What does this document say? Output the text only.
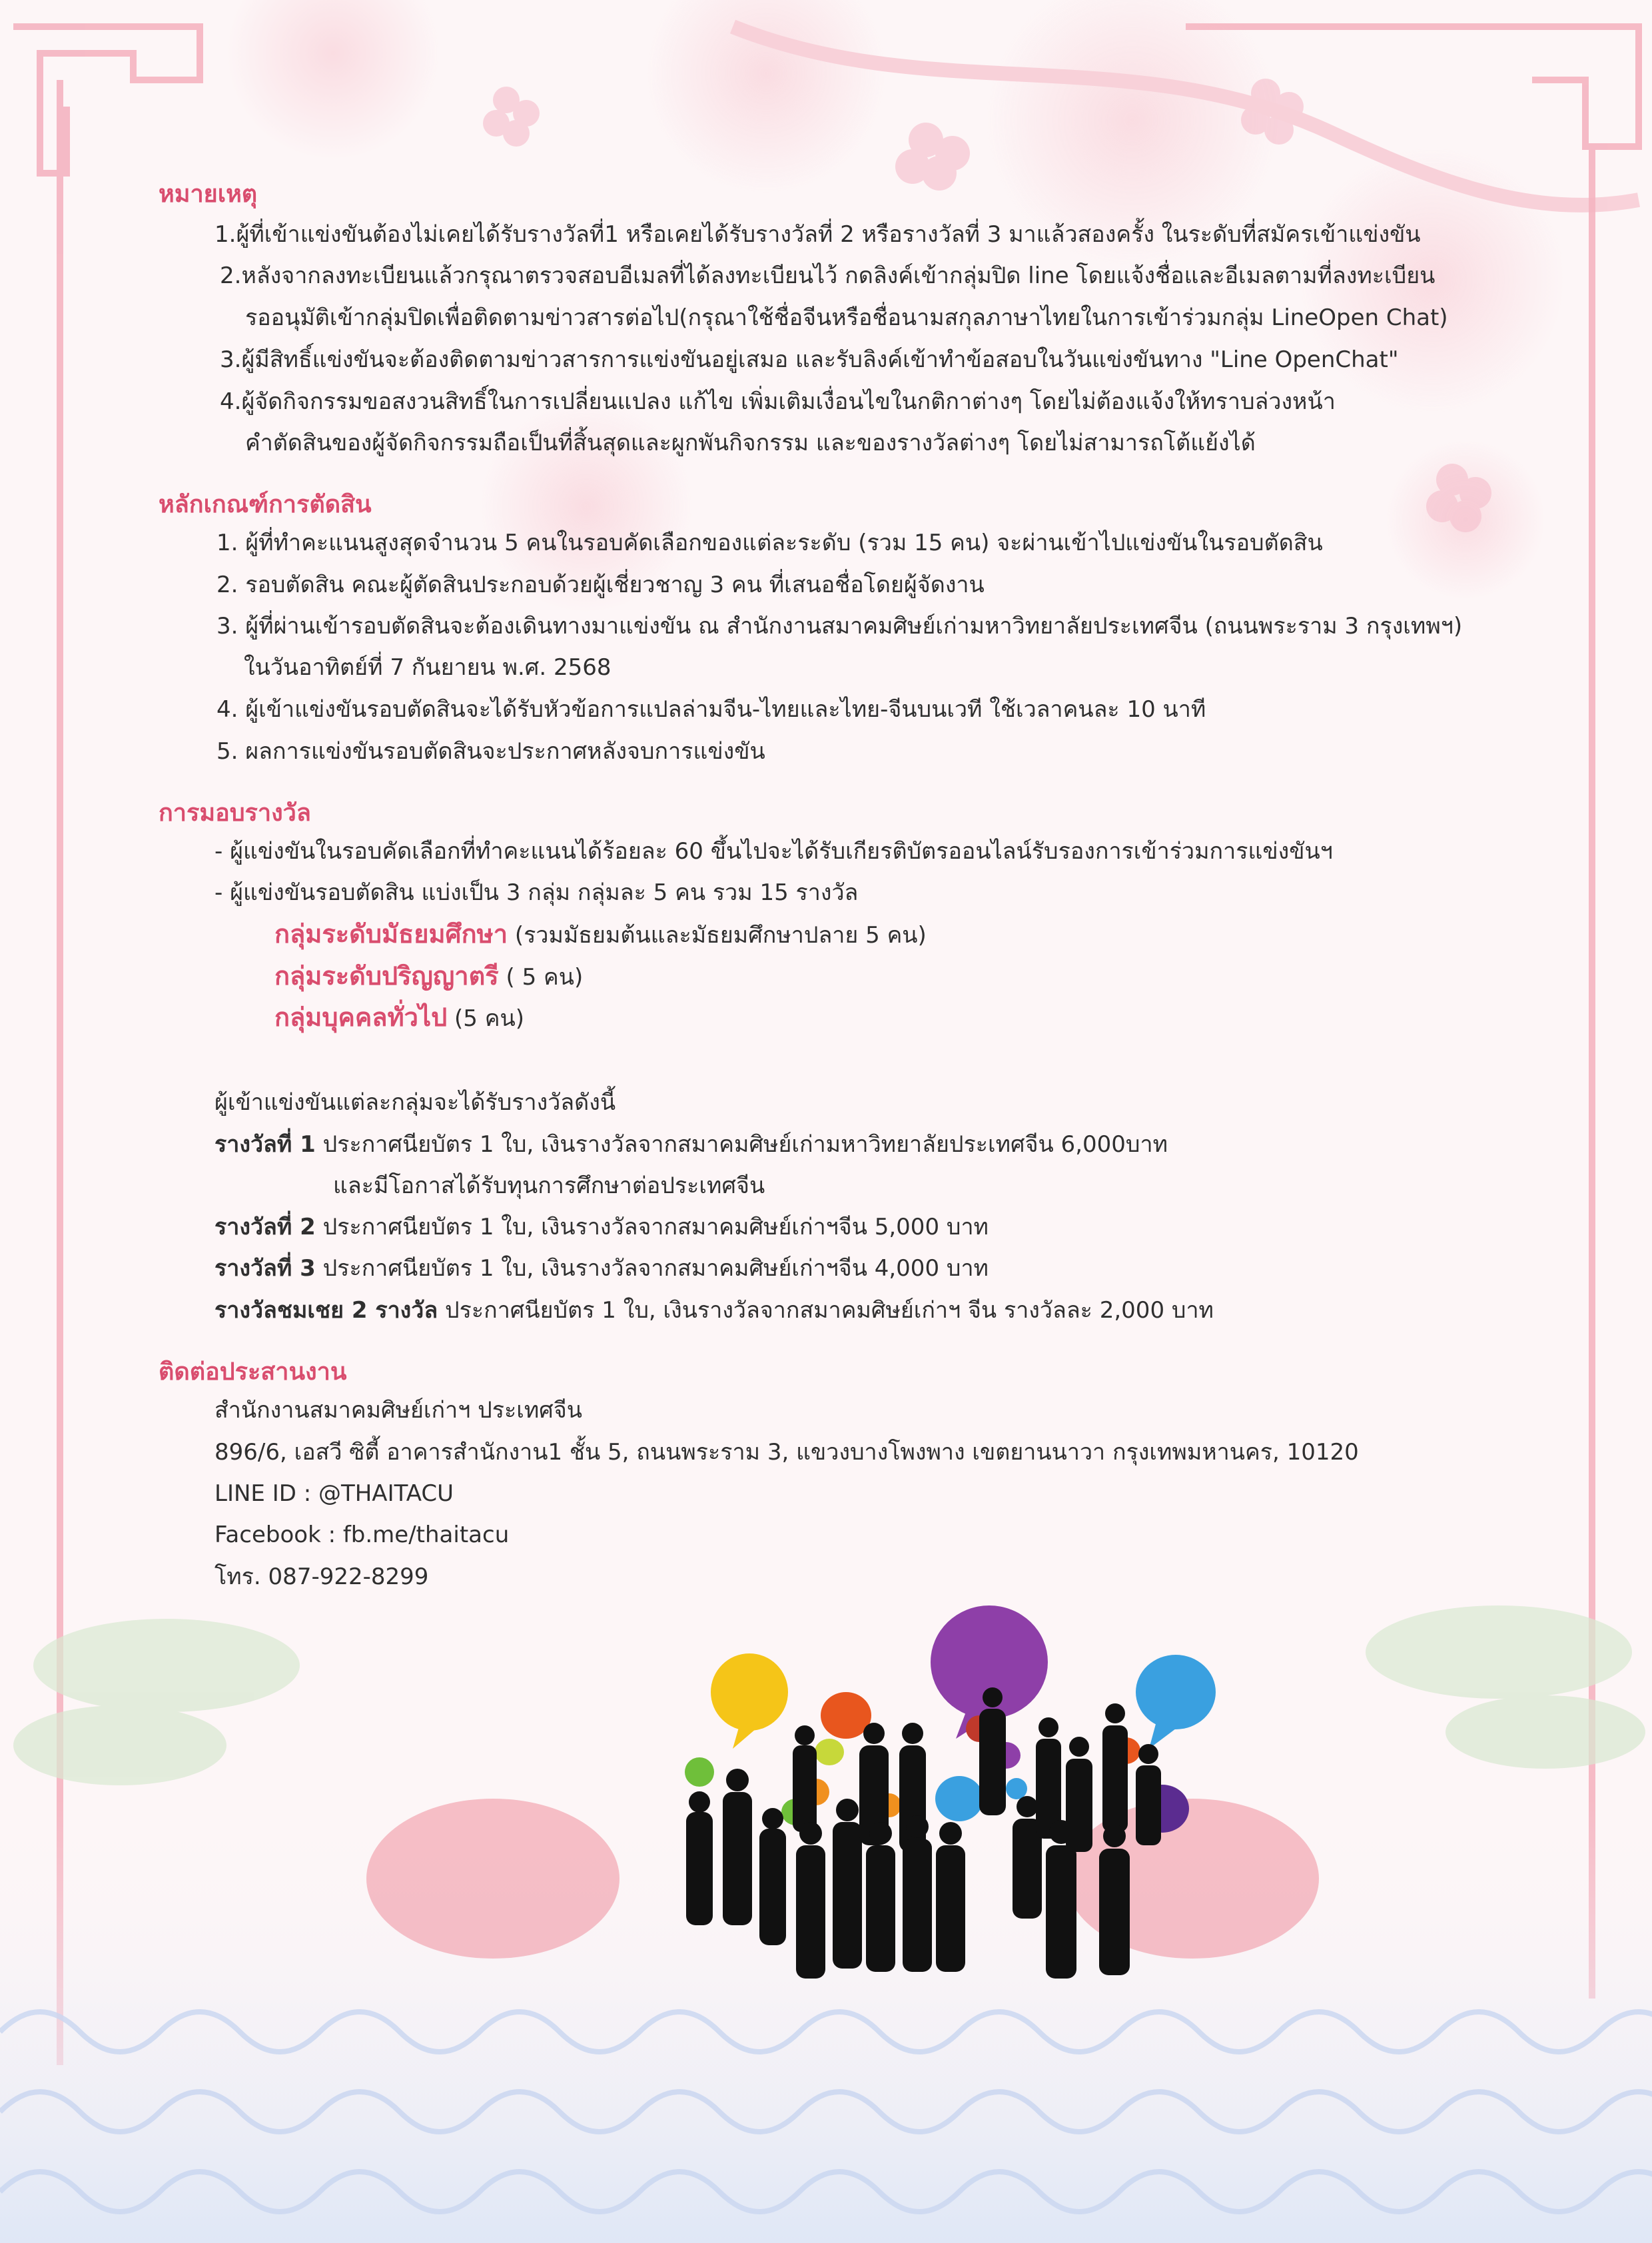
หมายเหตุ
1.ผู้ที่เข้าแข่งขันต้องไม่เคยได้รับรางวัลที่1 หรือเคยได้รับรางวัลที่ 2 หรือรางวัลที่ 3 มาแล้วสองครั้ง ในระดับที่สมัครเข้าแข่งขัน
2.หลังจากลงทะเบียนแล้วกรุณาตรวจสอบอีเมลที่ได้ลงทะเบียนไว้ กดลิงค์เข้ากลุ่มปิด line โดยแจ้งชื่อและอีเมลตามที่ลงทะเบียน
รออนุมัติเข้ากลุ่มปิดเพื่อติดตามข่าวสารต่อไป(กรุณาใช้ชื่อจีนหรือชื่อนามสกุลภาษาไทยในการเข้าร่วมกลุ่ม LineOpen Chat)
3.ผู้มีสิทธิ์แข่งขันจะต้องติดตามข่าวสารการแข่งขันอยู่เสมอ และรับลิงค์เข้าทำข้อสอบในวันแข่งขันทาง "Line OpenChat"
4.ผู้จัดกิจกรรมขอสงวนสิทธิ์ในการเปลี่ยนแปลง แก้ไข เพิ่มเติมเงื่อนไขในกติกาต่างๆ โดยไม่ต้องแจ้งให้ทราบล่วงหน้า
คำตัดสินของผู้จัดกิจกรรมถือเป็นที่สิ้นสุดและผูกพันกิจกรรม และของรางวัลต่างๆ โดยไม่สามารถโต้แย้งได้
หลักเกณฑ์การตัดสิน
1. ผู้ที่ทำคะแนนสูงสุดจำนวน 5 คนในรอบคัดเลือกของแต่ละระดับ (รวม 15 คน) จะผ่านเข้าไปแข่งขันในรอบตัดสิน
2. รอบตัดสิน คณะผู้ตัดสินประกอบด้วยผู้เชี่ยวชาญ 3 คน ที่เสนอชื่อโดยผู้จัดงาน
3. ผู้ที่ผ่านเข้ารอบตัดสินจะต้องเดินทางมาแข่งขัน ณ สำนักงานสมาคมศิษย์เก่ามหาวิทยาลัยประเทศจีน (ถนนพระราม 3 กรุงเทพฯ)
ในวันอาทิตย์ที่ 7 กันยายน พ.ศ. 2568
4. ผู้เข้าแข่งขันรอบตัดสินจะได้รับหัวข้อการแปลล่ามจีน-ไทยและไทย-จีนบนเวที ใช้เวลาคนละ 10 นาที
5. ผลการแข่งขันรอบตัดสินจะประกาศหลังจบการแข่งขัน
การมอบรางวัล
- ผู้แข่งขันในรอบคัดเลือกที่ทำคะแนนได้ร้อยละ 60 ขึ้นไปจะได้รับเกียรติบัตรออนไลน์รับรองการเข้าร่วมการแข่งขันฯ
- ผู้แข่งขันรอบตัดสิน แบ่งเป็น 3 กลุ่ม กลุ่มละ 5 คน รวม 15 รางวัล
กลุ่มระดับมัธยมศึกษา (รวมมัธยมต้นและมัธยมศึกษาปลาย 5 คน)
กลุ่มระดับปริญญาตรี ( 5 คน)
กลุ่มบุคคลทั่วไป (5 คน)
ผู้เข้าแข่งขันแต่ละกลุ่มจะได้รับรางวัลดังนี้
รางวัลที่ 1 ประกาศนียบัตร 1 ใบ, เงินรางวัลจากสมาคมศิษย์เก่ามหาวิทยาลัยประเทศจีน 6,000บาท
และมีโอกาสได้รับทุนการศึกษาต่อประเทศจีน
รางวัลที่ 2 ประกาศนียบัตร 1 ใบ, เงินรางวัลจากสมาคมศิษย์เก่าฯจีน 5,000 บาท
รางวัลที่ 3 ประกาศนียบัตร 1 ใบ, เงินรางวัลจากสมาคมศิษย์เก่าฯจีน 4,000 บาท
รางวัลชมเชย 2 รางวัล ประกาศนียบัตร 1 ใบ, เงินรางวัลจากสมาคมศิษย์เก่าฯ จีน รางวัลละ 2,000 บาท
ติดต่อประสานงาน
สำนักงานสมาคมศิษย์เก่าฯ ประเทศจีน
896/6, เอสวี ซิตี้ อาคารสำนักงาน1 ชั้น 5, ถนนพระราม 3, แขวงบางโพงพาง เขตยานนาวา กรุงเทพมหานคร, 10120
LINE ID : @THAITACU
Facebook : fb.me/thaitacu
โทร. 087-922-8299
